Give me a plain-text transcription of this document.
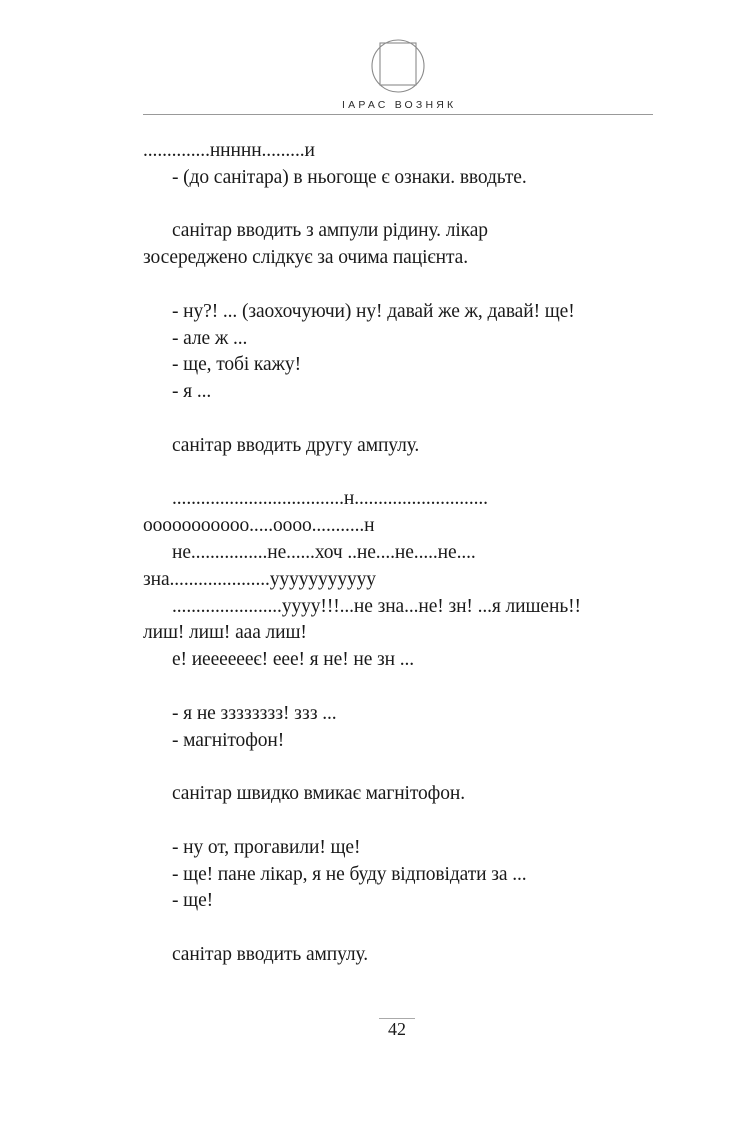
ІАРАС ВОЗНЯК
..............ннннн.........и
- (до санітара) в ньогоще є ознаки. вводьте.
санітар вводить з ампули рідину. лікар
зосереджено слідкує за очима пацієнта.
- ну?! ... (заохочуючи) ну! давай же ж, давай! ще!
- але ж ...
- ще, тобі кажу!
- я ...
санітар вводить другу ампулу.
....................................н............................
ооооооооооо.....оооо...........н
не................не......хоч ..не....не.....не....
зна.....................ууууууууууу
.......................уууу!!!...не зна...не! зн! ...я лишень!!
лиш! лиш! ааа лиш!
е! иееееееє! еее! я не! не зн ...
- я не зззззззз! ззз ...
- магнітофон!
санітар швидко вмикає магнітофон.
- ну от, прогавили! ще!
- ще! пане лікар, я не буду відповідати за ...
- ще!
санітар вводить ампулу.
42
